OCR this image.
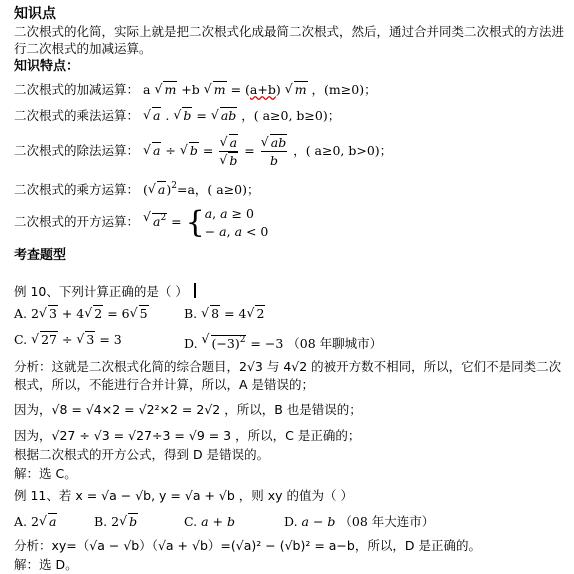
知识点
二次根式的化简，实际上就是把二次根式化成最简二次根式，然后，通过合并同类二次根式的方法进行二次根式的加减运算。
知识特点：
二次根式的加减运算： a √ m +b √ m = (a+b) √ m ，(m≥0)；
二次根式的乘法运算： √ a . √ b = √ ab ，( a≥0, b≥0)；
二次根式的除法运算： √ a ÷ √ b = √ a
√ b = √ $\frac{ab}{b}$ ，( a≥0, b>0)；
二次根式的乘方运算： ( √ a)$^2$=a，( a≥0)；
二次根式的开方运算： √ $a^2$ = { a, a ≥ 0
− a, a < 0
考查题型
例 10、下列计算正确的是（ ）
A. 2 √ 3 + 4 √ 2 = 6 √ 5	B. √ 8 = 4 √ 2
C. √ 27 ÷ √ 3 = 3	D. √ $(-3)^2 = -3$ （08 年聊城市）
分析：这就是二次根式化简的综合题目，2√3 与 4√2 的被开方数不相同，所以，它们不是同类二次根式，所以，不能进行合并计算，所以，A 是错误的；
因为，√8 = √4×2 = √2²×2 = 2√2 ，所以，B 也是错误的；
因为，√27 ÷ √3 = √27÷3 = √9 = 3 ，所以，C 是正确的；
根据二次根式的开方公式，得到 D 是错误的。
解：选 C。
例 11、若 x = √a − √b, y = √a + √b ，则 xy 的值为（ ）
A. 2 √ a	B. 2 √ b	C. a + b	D. a − b （08 年大连市）
分析：xy=（√a − √b）（√a + √b）=(√a)² − (√b)² = a−b，所以，D 是正确的。
解：选 D。
